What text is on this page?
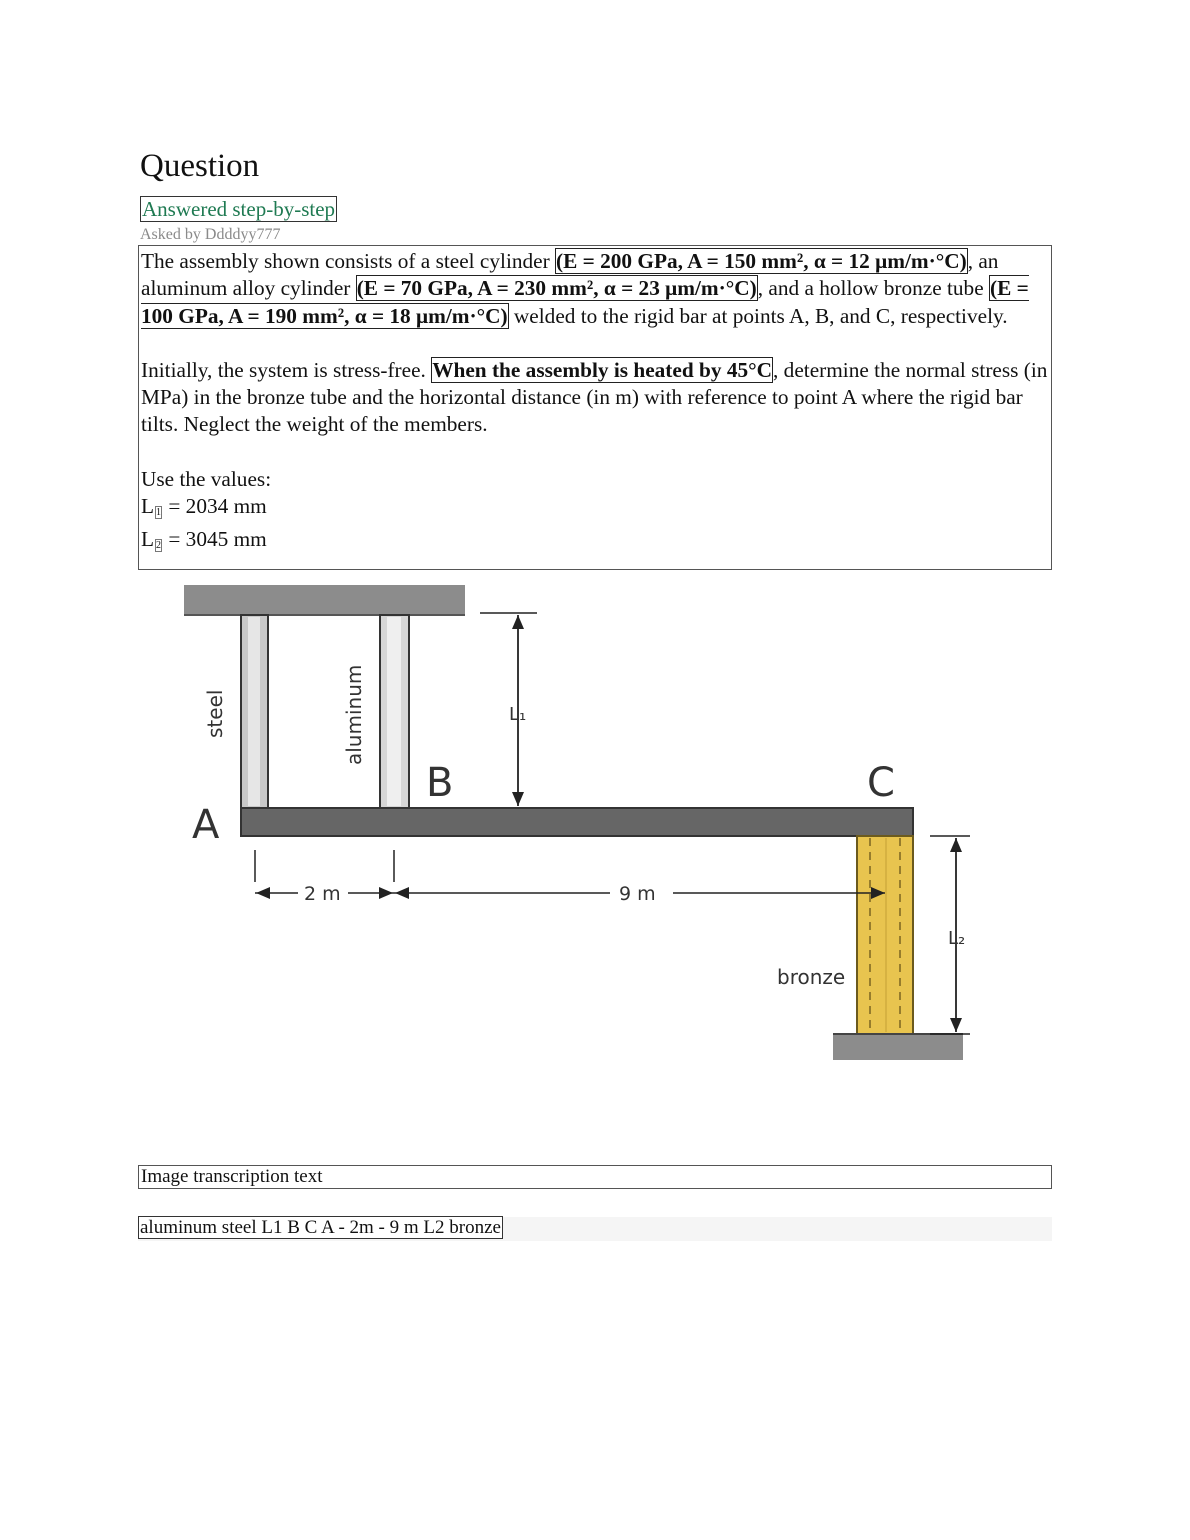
Question
Answered step-by-step
Asked by Ddddyy777

The assembly shown consists of a steel cylinder (E = 200 GPa, A = 150 mm², α = 12 μm/m·°C), an aluminum alloy cylinder (E = 70 GPa, A = 230 mm², α = 23 μm/m·°C), and a hollow bronze tube (E = 100 GPa, A = 190 mm², α = 18 μm/m·°C) welded to the rigid bar at points A, B, and C, respectively.

Initially, the system is stress-free. When the assembly is heated by 45°C, determine the normal stress (in MPa) in the bronze tube and the horizontal distance (in m) with reference to point A where the rigid bar tilts. Neglect the weight of the members.

Use the values:

L $_1$ = 2034 mm

L $_2$ = 3045 mm

steel	aluminum
A
B	C
L₁
L₂
2 m	9 m
bronze
Image transcription text
aluminum steel L1 B C A - 2m - 9 m L2 bronze
